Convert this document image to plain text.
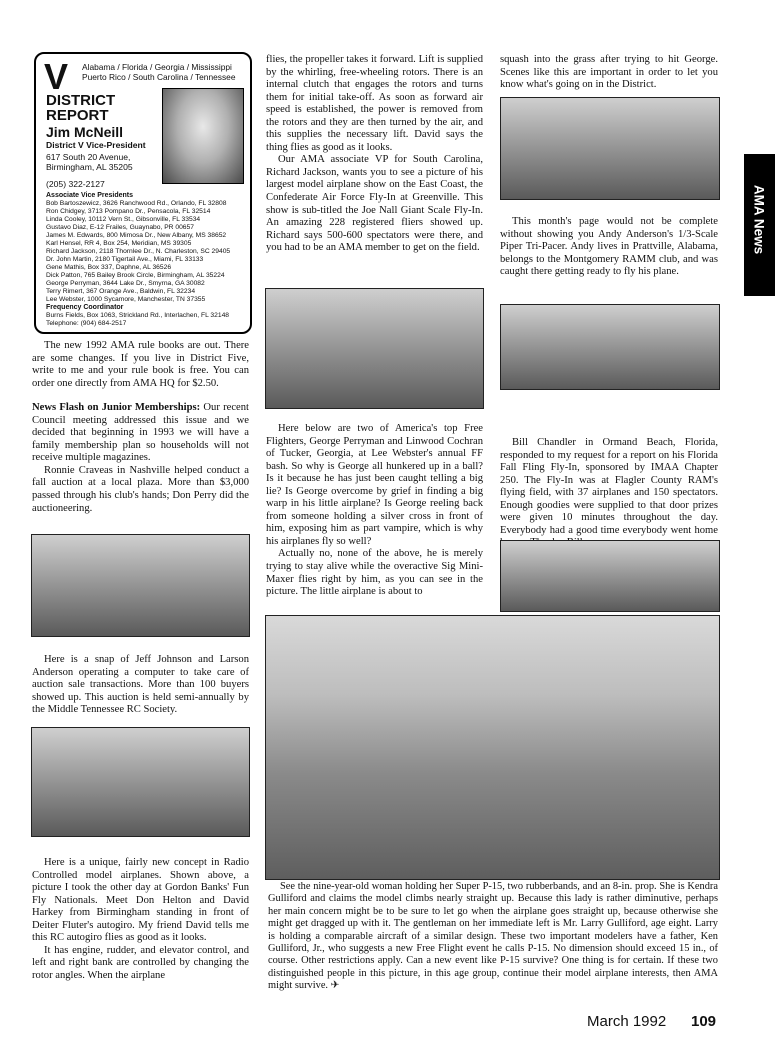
V Alabama / Florida / Georgia / Mississippi
Puerto Rico / South Carolina / Tennessee
DISTRICT
REPORT
Jim McNeill
District V Vice-President
617 South 20 Avenue,
Birmingham, AL 35205
(205) 322-2127
Associate Vice Presidents
Bob Bartoszewicz, 3626 Ranchwood Rd., Orlando, FL 32808
Ron Chidgey, 3713 Pompano Dr., Pensacola, FL 32514
Linda Cooley, 10112 Vern St., Gibsonville, FL 33534
Gustavo Diaz, E-12 Frailes, Guaynabo, PR 00657
James M. Edwards, 800 Mimosa Dr., New Albany, MS 38652
Karl Hensel, RR 4, Box 254, Meridian, MS 39305
Richard Jackson, 2118 Thornlee Dr., N. Charleston, SC 29405
Dr. John Martin, 2180 Tigertail Ave., Miami, FL 33133
Gene Mathis, Box 337, Daphne, AL 36526
Dick Patton, 765 Bailey Brook Circle, Birmingham, AL 35224
George Perryman, 3644 Lake Dr., Smyrna, GA 30082
Terry Rimert, 367 Orange Ave., Baldwin, FL 32234
Lee Webster, 1000 Sycamore, Manchester, TN 37355
Frequency Coordinator
Burns Fields, Box 1063, Strickland Rd., Interlachen, FL 32148
Telephone: (904) 684-2517

The new 1992 AMA rule books are out. There are some changes. If you live in District Five, write to me and your rule book is free. You can order one directly from AMA HQ for $2.50.

News Flash on Junior Memberships: Our recent Council meeting addressed this issue and we decided that beginning in 1993 we will have a family membership plan so households will not receive multiple magazines.

Ronnie Craveas in Nashville helped conduct a fall auction at a local plaza. More than $3,000 passed through his club's hands; Don Perry did the auctioneering.

Here is a snap of Jeff Johnson and Larson Anderson operating a computer to take care of auction sale transactions. More than 100 buyers showed up. This auction is held semi-annually by the Middle Tennessee RC Society.

Here is a unique, fairly new concept in Radio Controlled model airplanes. Shown above, a picture I took the other day at Gordon Banks' Fun Fly Nationals. Meet Don Helton and David Harkey from Birmingham standing in front of Deiter Fluter's autogiro. My friend David tells me this RC autogiro flies as good as it looks.

It has engine, rudder, and elevator control, and left and right bank are controlled by changing the rotor angles. When the airplane

flies, the propeller takes it forward. Lift is supplied by the whirling, free-wheeling rotors. There is an internal clutch that engages the rotors and turns them for initial take-off. As soon as forward air speed is established, the power is removed from the rotors and they are then turned by the air, and this supplies the necessary lift. David says the thing flies as good as it looks.

Our AMA associate VP for South Carolina, Richard Jackson, wants you to see a picture of his largest model airplane show on the East Coast, the Confederate Air Force Fly-In at Greenville. This show is sub-titled the Joe Nall Giant Scale Fly-In. An amazing 228 registered fliers showed up. Richard says 500-600 spectators were there, and you had to be an AMA member to get on the field.

Here below are two of America's top Free Flighters, George Perryman and Linwood Cochran of Tucker, Georgia, at Lee Webster's annual FF bash. So why is George all hunkered up in a ball? Is it because he has just been caught telling a big lie? Is George overcome by grief in finding a big warp in his little airplane? Is George reeling back from someone holding a silver cross in front of him, exposing him as part vampire, which is why his airplanes fly so well?

Actually no, none of the above, he is merely trying to stay alive while the overactive Sig Mini-Maxer flies right by him, as you can see in the picture. The little airplane is about to

squash into the grass after trying to hit George. Scenes like this are important in order to let you know what's going on in the District.

This month's page would not be complete without showing you Andy Anderson's 1/3-Scale Piper Tri-Pacer. Andy lives in Prattville, Alabama, belongs to the Montgomery RAMM club, and was caught there getting ready to fly his plane.

Bill Chandler in Ormand Beach, Florida, responded to my request for a report on his Florida Fall Fling Fly-In, sponsored by IMAA Chapter 250. The Fly-In was at Flagler County RAM's flying field, with 37 airplanes and 150 spectators. Enough goodies were supplied to that door prizes were given 10 minutes throughout the day. Everybody had a good time everybody went home

See the nine-year-old woman holding her Super P-15, two rubberbands, and an 8-in. prop. She is Kendra Gulliford and claims the model climbs nearly straight up. Because this lady is rather diminutive, perhaps her main concern might be to be sure to let go when the airplane goes straight up, because otherwise she might get dragged up with it. The gentleman on her immediate left is Mr. Larry Gulliford, age eight. Larry is holding a comparable aircraft of a similar design. These two important modelers have a father, Ken Gulliford, Jr., who suggests a new Free Flight event he calls P-15. No dimension should exceed 15 in., of course. Other restrictions apply. Can a new event like P-15 survive? One thing is for certain. If these two distinguished people in this picture, in this age group, continue their model airplane interests, then AMA might survive. ✈

AMA News
March 1992 109
